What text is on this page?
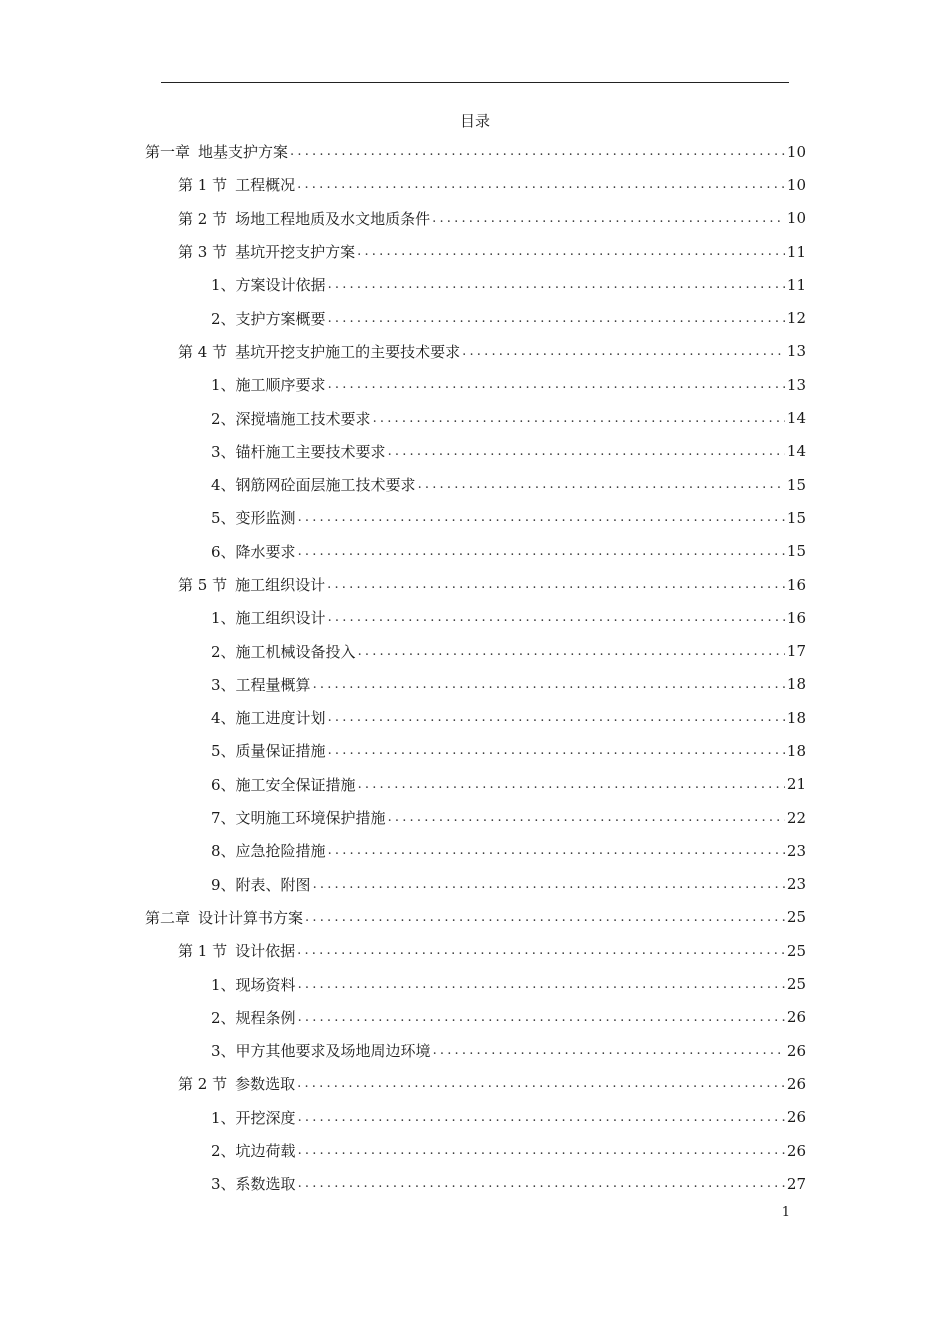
目录
第一章 地基支护方案 .....	10
第 1 节 工程概况 .....	10
第 2 节 场地工程地质及水文地质条件 .....	10
第 3 节 基坑开挖支护方案 .....	11
1、 方案设计依据 .....	11
2、 支护方案概要 .....	12
第 4 节 基坑开挖支护施工的主要技术要求 .....	13
1、 施工顺序要求 .....	13
2、 深搅墙施工技术要求 .....	14
3、 锚杆施工主要技术要求 .....	14
4、 钢筋网砼面层施工技术要求 .....	15
5、 变形监测 .....	15
6、 降水要求 .....	15
第 5 节 施工组织设计 .....	16
1、 施工组织设计 .....	16
2、 施工机械设备投入 .....	17
3、 工程量概算 .....	18
4、 施工进度计划 .....	18
5、 质量保证措施 .....	18
6、 施工安全保证措施 .....	21
7、 文明施工环境保护措施 .....	22
8、 应急抢险措施 .....	23
9、 附表、附图 .....	23
第二章 设计计算书方案 .....	25
第 1 节 设计依据 .....	25
1、 现场资料 .....	25
2、 规程条例 .....	26
3、 甲方其他要求及场地周边环境 .....	26
第 2 节 参数选取 .....	26
1、 开挖深度 .....	26
2、 坑边荷载 .....	26
3、 系数选取 .....	27
1
